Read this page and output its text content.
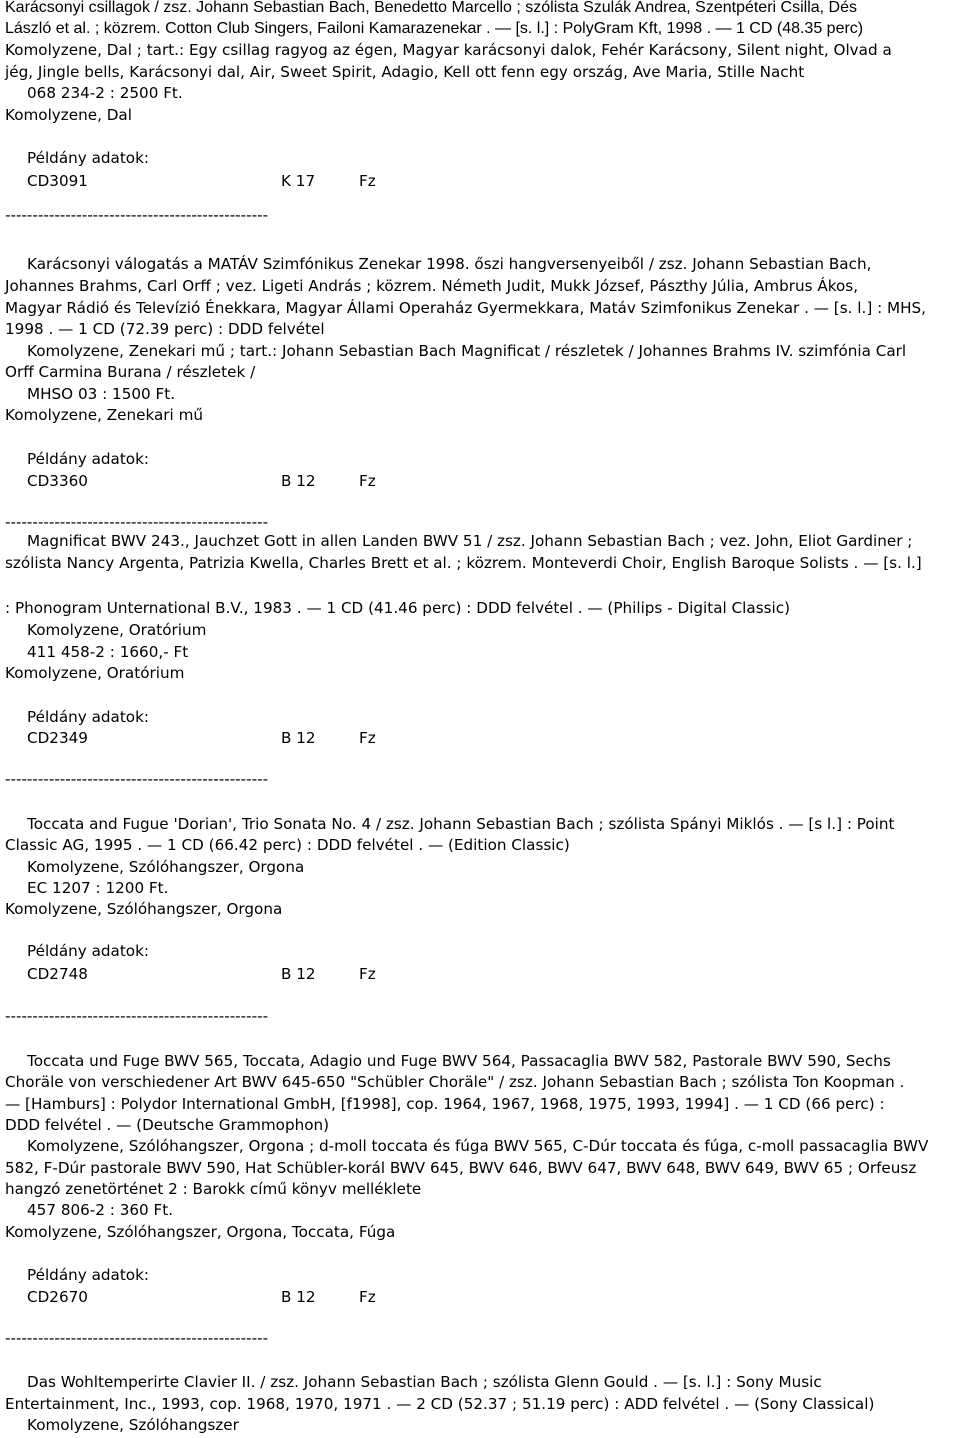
Karácsonyi csillagok / zsz. Johann Sebastian Bach, Benedetto Marcello ; szólista Szulák Andrea, Szentpéteri Csilla, Dés
László et al. ; közrem. Cotton Club Singers, Failoni Kamarazenekar . — [s. l.] : PolyGram Kft, 1998 . — 1 CD (48.35 perc)
Komolyzene, Dal ; tart.: Egy csillag ragyog az égen, Magyar karácsonyi dalok, Fehér Karácsony, Silent night, Olvad a
jég, Jingle bells, Karácsonyi dal, Air, Sweet Spirit, Adagio, Kell ott fenn egy ország, Ave Maria, Stille Nacht
068 234-2 : 2500 Ft.
Komolyzene, Dal
Példány adatok:
CD3091	K 17	Fz
------------------------------------------------
Karácsonyi válogatás a MATÁV Szimfónikus Zenekar 1998. őszi hangversenyeiből / zsz. Johann Sebastian Bach,
Johannes Brahms, Carl Orff ; vez. Ligeti András ; közrem. Németh Judit, Mukk József, Pászthy Júlia, Ambrus Ákos,
Magyar Rádió és Televízió Énekkara, Magyar Állami Operaház Gyermekkara, Matáv Szimfonikus Zenekar . — [s. l.] : MHS,
1998 . — 1 CD (72.39 perc) : DDD felvétel
Komolyzene, Zenekari mű ; tart.: Johann Sebastian Bach Magnificat / részletek / Johannes Brahms IV. szimfónia Carl
Orff Carmina Burana / részletek /
MHSO 03 : 1500 Ft.
Komolyzene, Zenekari mű
Példány adatok:
CD3360	B 12	Fz
------------------------------------------------
Magnificat BWV 243., Jauchzet Gott in allen Landen BWV 51 / zsz. Johann Sebastian Bach ; vez. John, Eliot Gardiner ;
szólista Nancy Argenta, Patrizia Kwella, Charles Brett et al. ; közrem. Monteverdi Choir, English Baroque Solists . — [s. l.]
: Phonogram Unternational B.V., 1983 . — 1 CD (41.46 perc) : DDD felvétel . — (Philips - Digital Classic)
Komolyzene, Oratórium
411 458-2 : 1660,- Ft
Komolyzene, Oratórium
Példány adatok:
CD2349	B 12	Fz
------------------------------------------------
Toccata and Fugue 'Dorian', Trio Sonata No. 4 / zsz. Johann Sebastian Bach ; szólista Spányi Miklós . — [s l.] : Point
Classic AG, 1995 . — 1 CD (66.42 perc) : DDD felvétel . — (Edition Classic)
Komolyzene, Szólóhangszer, Orgona
EC 1207 : 1200 Ft.
Komolyzene, Szólóhangszer, Orgona
Példány adatok:
CD2748	B 12	Fz
------------------------------------------------
Toccata und Fuge BWV 565, Toccata, Adagio und Fuge BWV 564, Passacaglia BWV 582, Pastorale BWV 590, Sechs
Choräle von verschiedener Art BWV 645-650 "Schübler Choräle" / zsz. Johann Sebastian Bach ; szólista Ton Koopman .
— [Hamburs] : Polydor International GmbH, [f1998], cop. 1964, 1967, 1968, 1975, 1993, 1994] . — 1 CD (66 perc) :
DDD felvétel . — (Deutsche Grammophon)
Komolyzene, Szólóhangszer, Orgona ; d-moll toccata és fúga BWV 565, C-Dúr toccata és fúga, c-moll passacaglia BWV
582, F-Dúr pastorale BWV 590, Hat Schübler-korál BWV 645, BWV 646, BWV 647, BWV 648, BWV 649, BWV 65 ; Orfeusz
hangzó zenetörténet 2 : Barokk című könyv melléklete
457 806-2 : 360 Ft.
Komolyzene, Szólóhangszer, Orgona, Toccata, Fúga
Példány adatok:
CD2670	B 12	Fz
------------------------------------------------
Das Wohltemperirte Clavier II. / zsz. Johann Sebastian Bach ; szólista Glenn Gould . — [s. l.] : Sony Music
Entertainment, Inc., 1993, cop. 1968, 1970, 1971 . — 2 CD (52.37 ; 51.19 perc) : ADD felvétel . — (Sony Classical)
Komolyzene, Szólóhangszer
